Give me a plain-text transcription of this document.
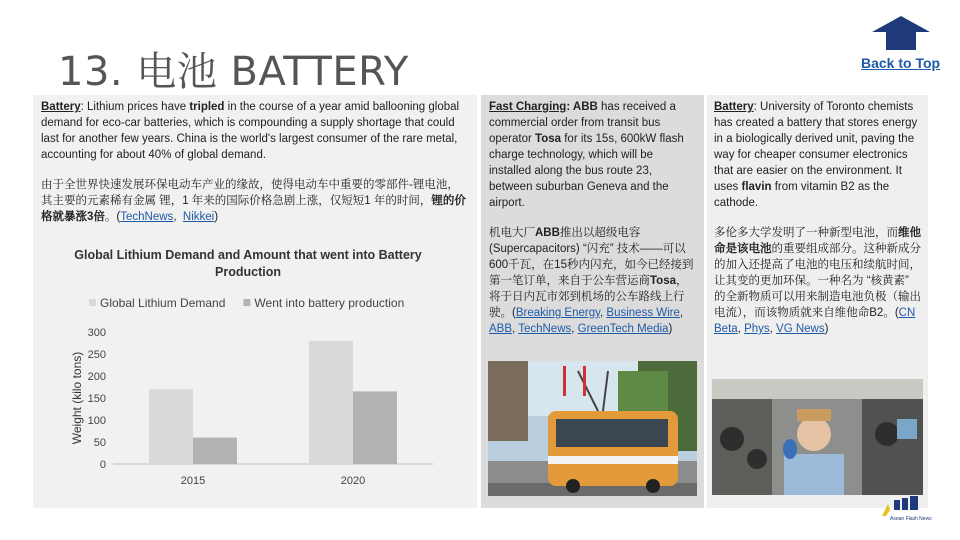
13. 电池 BATTERY	Back to Top

Battery: Lithium prices have tripled in the course of a year amid ballooning global demand for eco-car batteries, which is compounding a supply shortage that could last for another few years. China is the world's largest consumer of the rare metal, accounting for about 40% of global demand.

由于全世界快速发展环保电动车产业的缘故，使得电动车中重要的零部件-锂电池，其主要的元素稀有金属 锂，1 年来的国际价格急剧上涨，仅短短1 年的时间，锂的价格就暴涨3倍。(TechNews,  Nikkei)

Global Lithium Demand and Amount that went into Battery Production
Global Lithium Demand Went into battery production
0
50
100
150
200
250
300
Weight (kilo tons)
2015	2020

Fast Charging: ABB has received a commercial order from transit bus operator Tosa for its 15s, 600kW flash charge technology, which will be installed along the bus route 23, between suburban Geneva and the airport.

机电大厂ABB推出以超级电容(Supercapacitors) “闪充” 技术——可以600千瓦，在15秒内闪充，如今已经接到第一笔订单，来自于公车营运商Tosa，将于日内瓦市郊到机场的公车路线上行驶。(Breaking Energy, Business Wire, ABB, TechNews, GreenTech Media)

Battery: University of Toronto chemists has created a battery that stores energy in a biologically derived unit, paving the way for cheaper consumer electronics that are easier on the environment. It uses flavin from vitamin B2 as the cathode.

多伦多大学发明了一种新型电池，而维他命是该电池的重要组成部分。这种新成分的加入还提高了电池的电压和续航时间，让其变的更加环保。一种名为 “核黄素” 的全新物质可以用来制造电池负极（输出电流），而该物质就来自维他命B2。(CN Beta, Phys, VG News)

Asean Flash News
